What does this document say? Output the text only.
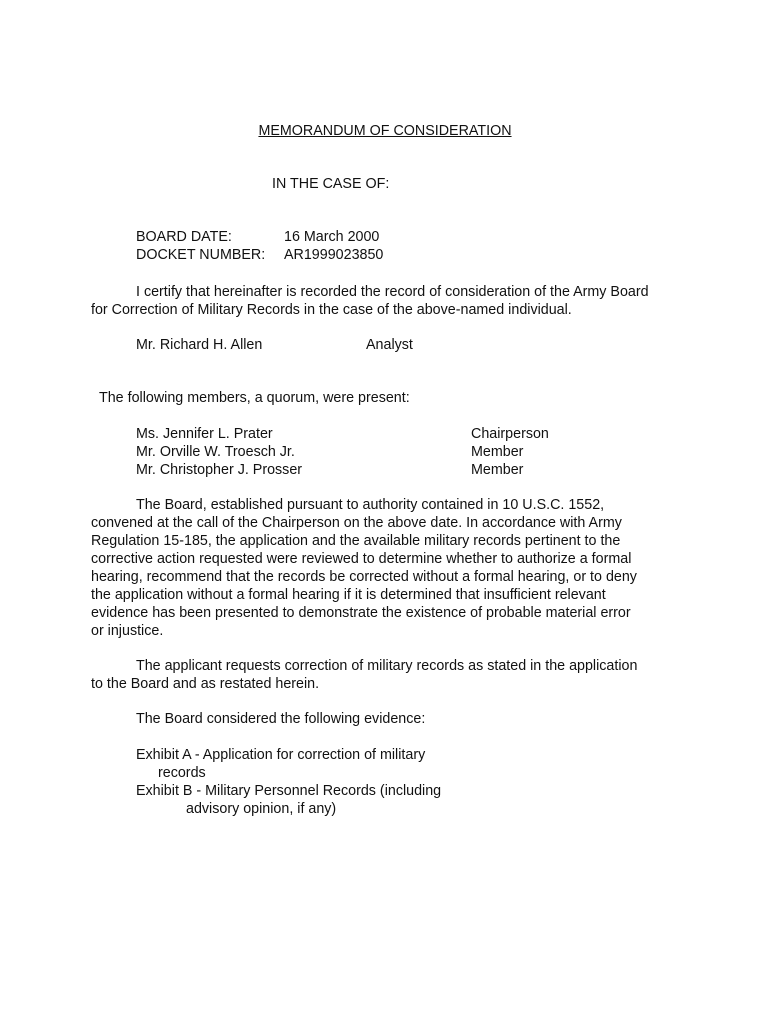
MEMORANDUM OF CONSIDERATION
IN THE CASE OF:
BOARD DATE:	16 March 2000
DOCKET NUMBER: AR1999023850
I certify that hereinafter is recorded the record of consideration of the Army Board
for Correction of Military Records in the case of the above-named individual.
Mr. Richard H. Allen	Analyst
The following members, a quorum, were present:
Ms. Jennifer L. Prater	Chairperson
Mr. Orville W. Troesch Jr.	Member
Mr. Christopher J. Prosser	Member
The Board, established pursuant to authority contained in 10 U.S.C. 1552,
convened at the call of the Chairperson on the above date. In accordance with Army
Regulation 15-185, the application and the available military records pertinent to the
corrective action requested were reviewed to determine whether to authorize a formal
hearing, recommend that the records be corrected without a formal hearing, or to deny
the application without a formal hearing if it is determined that insufficient relevant
evidence has been presented to demonstrate the existence of probable material error
or injustice.
The applicant requests correction of military records as stated in the application
to the Board and as restated herein.
The Board considered the following evidence:
Exhibit A - Application for correction of military
records
Exhibit B - Military Personnel Records (including
advisory opinion, if any)
